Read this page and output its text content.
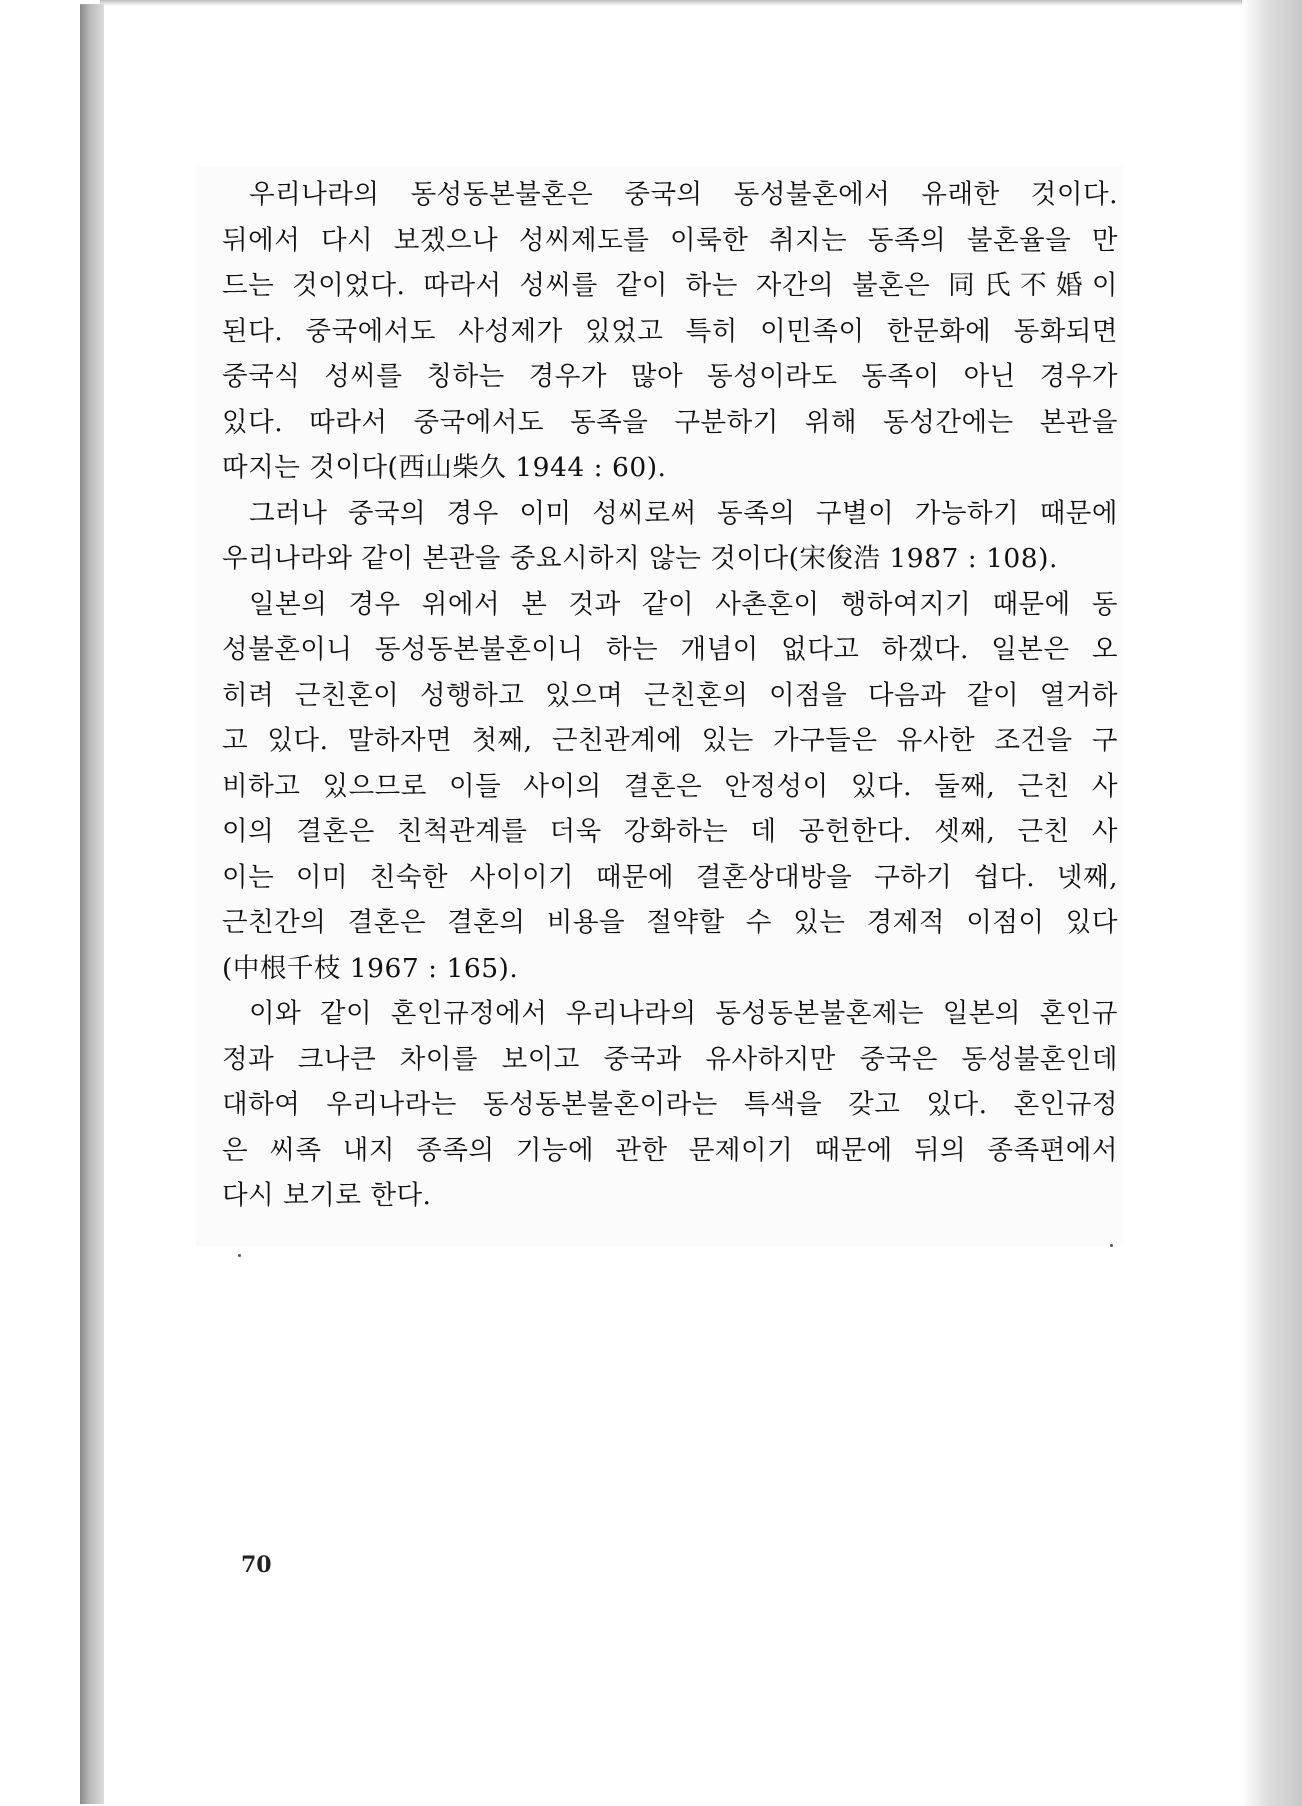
우리나라의 동성동본불혼은 중국의 동성불혼에서 유래한 것이다.
뒤에서 다시 보겠으나 성씨제도를 이룩한 취지는 동족의 불혼율을 만
드는 것이었다. 따라서 성씨를 같이 하는 자간의 불혼은 同氏不婚이
된다. 중국에서도 사성제가 있었고 특히 이민족이 한문화에 동화되면
중국식 성씨를 칭하는 경우가 많아 동성이라도 동족이 아닌 경우가
있다. 따라서 중국에서도 동족을 구분하기 위해 동성간에는 본관을
따지는 것이다(西山柴久 1944 : 60).

그러나 중국의 경우 이미 성씨로써 동족의 구별이 가능하기 때문에
우리나라와 같이 본관을 중요시하지 않는 것이다(宋俊浩 1987 : 108).

일본의 경우 위에서 본 것과 같이 사촌혼이 행하여지기 때문에 동
성불혼이니 동성동본불혼이니 하는 개념이 없다고 하겠다. 일본은 오
히려 근친혼이 성행하고 있으며 근친혼의 이점을 다음과 같이 열거하
고 있다. 말하자면 첫째, 근친관계에 있는 가구들은 유사한 조건을 구
비하고 있으므로 이들 사이의 결혼은 안정성이 있다. 둘째, 근친 사
이의 결혼은 친척관계를 더욱 강화하는 데 공헌한다. 셋째, 근친 사
이는 이미 친숙한 사이이기 때문에 결혼상대방을 구하기 쉽다. 넷째,
근친간의 결혼은 결혼의 비용을 절약할 수 있는 경제적 이점이 있다
(中根千枝 1967 : 165).

이와 같이 혼인규정에서 우리나라의 동성동본불혼제는 일본의 혼인규
정과 크나큰 차이를 보이고 중국과 유사하지만 중국은 동성불혼인데
대하여 우리나라는 동성동본불혼이라는 특색을 갖고 있다. 혼인규정
은 씨족 내지 종족의 기능에 관한 문제이기 때문에 뒤의 종족편에서
다시 보기로 한다.

70
